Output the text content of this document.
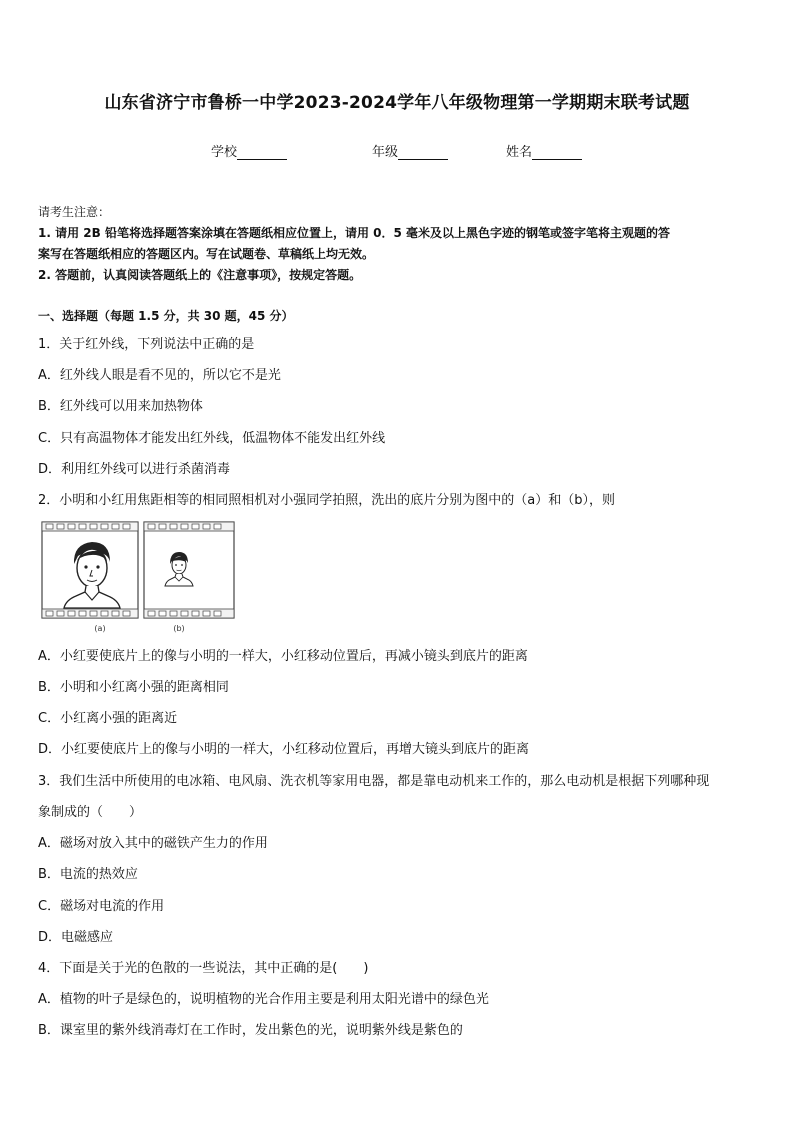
山东省济宁市鲁桥一中学2023-2024学年八年级物理第一学期期末联考试题
学校	年级	姓名
请考生注意：
1. 请用 2B 铅笔将选择题答案涂填在答题纸相应位置上，请用 0．5 毫米及以上黑色字迹的钢笔或签字笔将主观题的答
案写在答题纸相应的答题区内。写在试题卷、草稿纸上均无效。
2. 答题前，认真阅读答题纸上的《注意事项》，按规定答题。
一、选择题（每题 1.5 分，共 30 题，45 分）
1．关于红外线，下列说法中正确的是
A．红外线人眼是看不见的，所以它不是光
B．红外线可以用来加热物体
C．只有高温物体才能发出红外线，低温物体不能发出红外线
D．利用红外线可以进行杀菌消毒
2．小明和小红用焦距相等的相同照相机对小强同学拍照，洗出的底片分别为图中的（a）和（b），则
(a)	(b)
A．小红要使底片上的像与小明的一样大，小红移动位置后，再减小镜头到底片的距离
B．小明和小红离小强的距离相同
C．小红离小强的距离近
D．小红要使底片上的像与小明的一样大，小红移动位置后，再增大镜头到底片的距离
3．我们生活中所使用的电冰箱、电风扇、洗衣机等家用电器，都是靠电动机来工作的，那么电动机是根据下列哪种现
象制成的（　　）
A．磁场对放入其中的磁铁产生力的作用
B．电流的热效应
C．磁场对电流的作用
D．电磁感应
4．下面是关于光的色散的一些说法，其中正确的是(　　)
A．植物的叶子是绿色的，说明植物的光合作用主要是利用太阳光谱中的绿色光
B．课室里的紫外线消毒灯在工作时，发出紫色的光，说明紫外线是紫色的
